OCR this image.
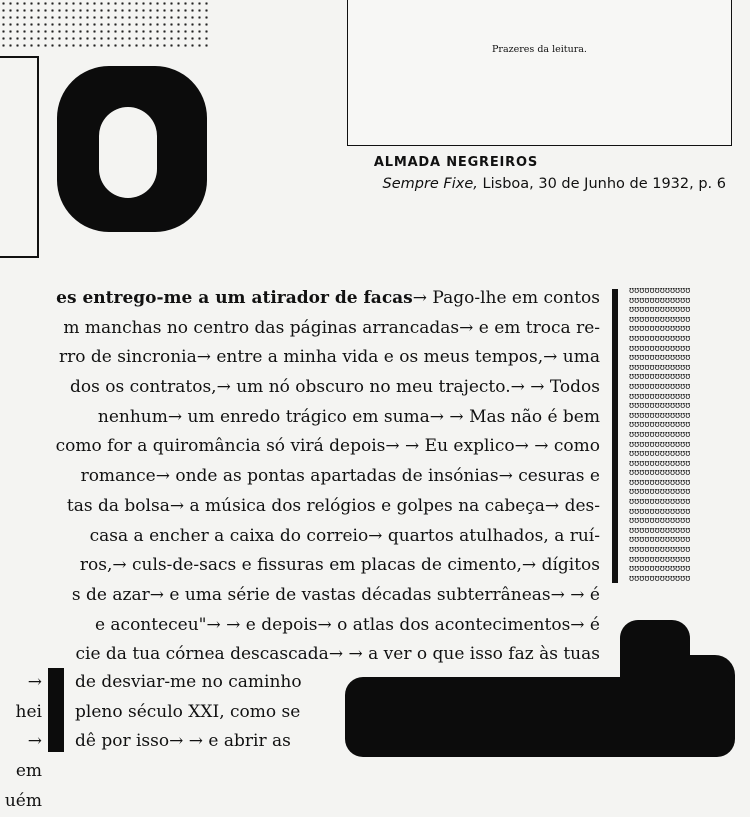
Prazeres da leitura.
ALMADA NEGREIROS
Sempre Fixe, Lisboa, 30 de Junho de 1932, p. 6
es entrego-me a um atirador de facas→ Pago-lhe em contos
m manchas no centro das páginas arrancadas→ e em troca re-
rro de sincronia→ entre a minha vida e os meus tempos,→ uma
dos os contratos,→ um nó obscuro no meu trajecto.→ → Todos
nenhum→ um enredo trágico em suma→ → Mas não é bem
como for a quiromância só virá depois→ → Eu explico→ → como
romance→ onde as pontas apartadas de insónias→ cesuras e
tas da bolsa→ a música dos relógios e golpes na cabeça→ des-
casa a encher a caixa do correio→ quartos atulhados, a ruí-
ros,→ culs-de-sacs e fissuras em placas de cimento,→ dígitos
s de azar→ e uma série de vastas décadas subterrâneas→ → é
e aconteceu"→ → e depois→ o atlas dos acontecimentos→ é
cie da tua córnea descascada→ → a ver o que isso faz às tuas
ʊʊʊʊʊʊʊʊʊʊʊʊ
ʊʊʊʊʊʊʊʊʊʊʊʊ
ʊʊʊʊʊʊʊʊʊʊʊʊ
ʊʊʊʊʊʊʊʊʊʊʊʊ
ʊʊʊʊʊʊʊʊʊʊʊʊ
ʊʊʊʊʊʊʊʊʊʊʊʊ
ʊʊʊʊʊʊʊʊʊʊʊʊ
ʊʊʊʊʊʊʊʊʊʊʊʊ
ʊʊʊʊʊʊʊʊʊʊʊʊ
ʊʊʊʊʊʊʊʊʊʊʊʊ
ʊʊʊʊʊʊʊʊʊʊʊʊ
ʊʊʊʊʊʊʊʊʊʊʊʊ
ʊʊʊʊʊʊʊʊʊʊʊʊ
ʊʊʊʊʊʊʊʊʊʊʊʊ
ʊʊʊʊʊʊʊʊʊʊʊʊ
ʊʊʊʊʊʊʊʊʊʊʊʊ
ʊʊʊʊʊʊʊʊʊʊʊʊ
ʊʊʊʊʊʊʊʊʊʊʊʊ
ʊʊʊʊʊʊʊʊʊʊʊʊ
ʊʊʊʊʊʊʊʊʊʊʊʊ
ʊʊʊʊʊʊʊʊʊʊʊʊ
ʊʊʊʊʊʊʊʊʊʊʊʊ
ʊʊʊʊʊʊʊʊʊʊʊʊ
ʊʊʊʊʊʊʊʊʊʊʊʊ
ʊʊʊʊʊʊʊʊʊʊʊʊ
ʊʊʊʊʊʊʊʊʊʊʊʊ
ʊʊʊʊʊʊʊʊʊʊʊʊ
ʊʊʊʊʊʊʊʊʊʊʊʊ
ʊʊʊʊʊʊʊʊʊʊʊʊ
ʊʊʊʊʊʊʊʊʊʊʊʊ
ʊʊʊʊʊʊʊʊʊʊʊʊ
→ hei
→ em
uém
de desviar-me no caminho
pleno século XXI, como se
dê por isso→ → e abrir as
